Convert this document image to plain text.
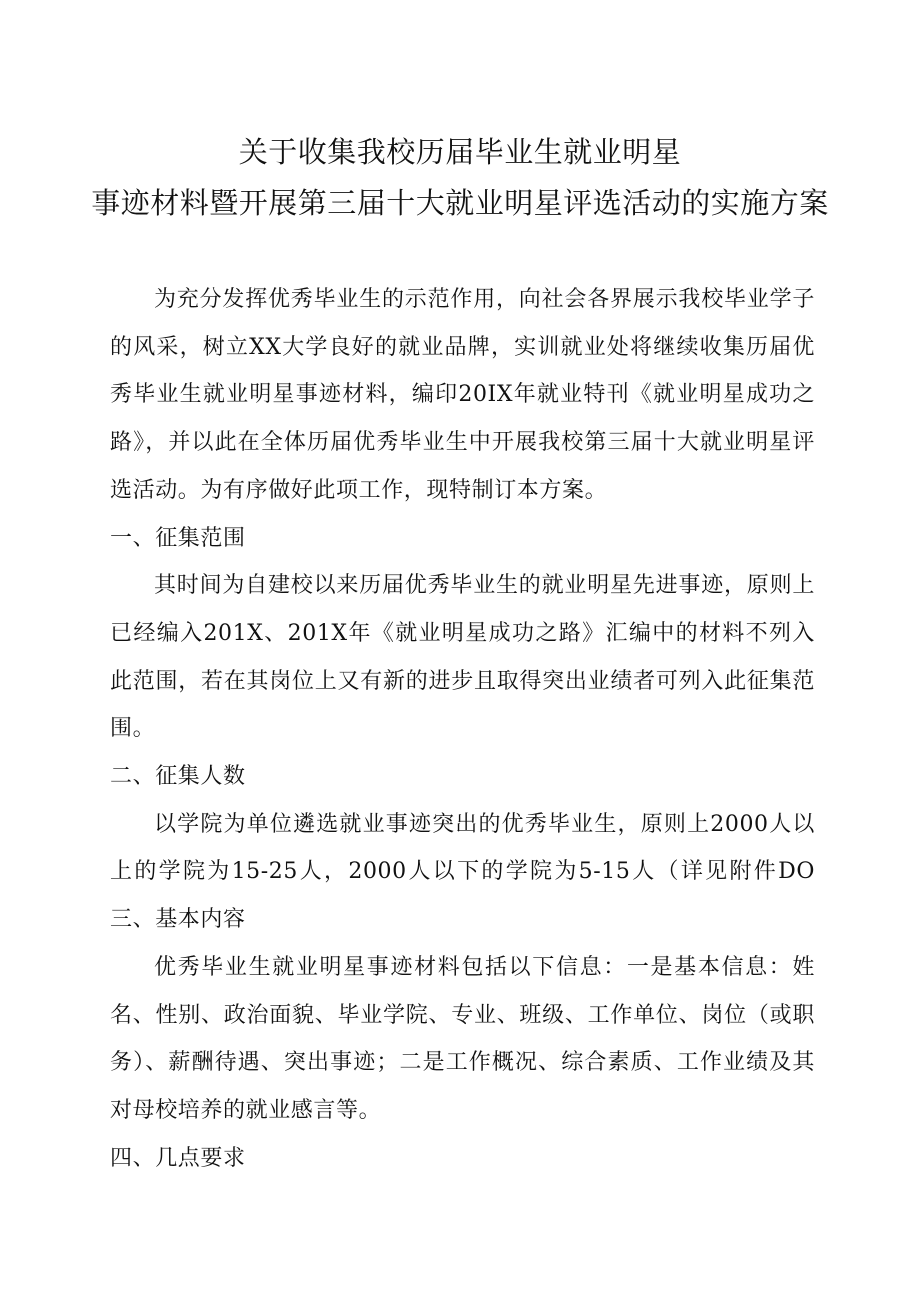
关于收集我校历届毕业生就业明星
事迹材料暨开展第三届十大就业明星评选活动的实施方案

为充分发挥优秀毕业生的示范作用，向社会各界展示我校毕业学子的风采，树立XX大学良好的就业品牌，实训就业处将继续收集历届优秀毕业生就业明星事迹材料，编印20IX年就业特刊《就业明星成功之路》，并以此在全体历届优秀毕业生中开展我校第三届十大就业明星评选活动。为有序做好此项工作，现特制订本方案。

一、征集范围

其时间为自建校以来历届优秀毕业生的就业明星先进事迹，原则上已经编入201X、201X年《就业明星成功之路》汇编中的材料不列入此范围，若在其岗位上又有新的进步且取得突出业绩者可列入此征集范围。

二、征集人数

以学院为单位遴选就业事迹突出的优秀毕业生，原则上2000人以上的学院为15-25人，2000人以下的学院为5-15人（详见附件DO三、基本内容

优秀毕业生就业明星事迹材料包括以下信息：一是基本信息：姓名、性别、政治面貌、毕业学院、专业、班级、工作单位、岗位（或职务）、薪酬待遇、突出事迹；二是工作概况、综合素质、工作业绩及其对母校培养的就业感言等。

四、几点要求
